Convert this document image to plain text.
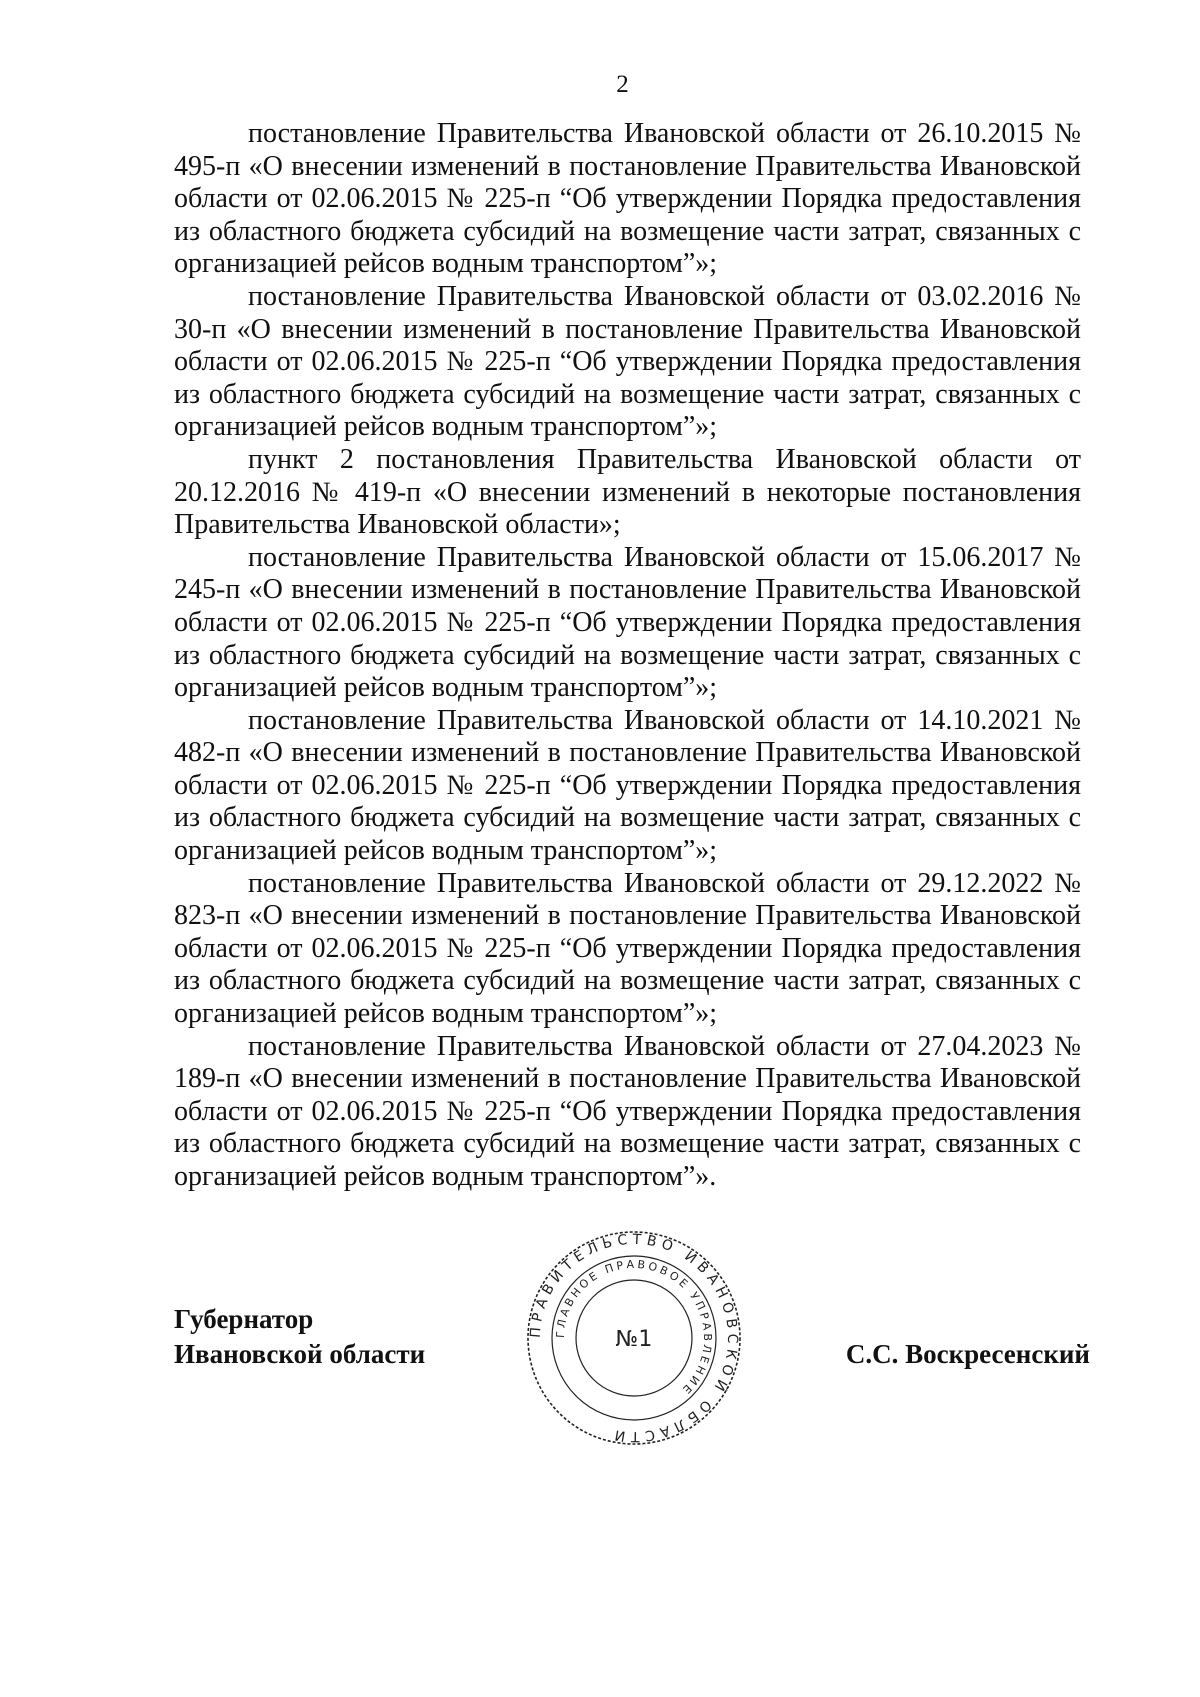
2

постановление Правительства Ивановской области от 26.10.2015 № 495-п «О внесении изменений в постановление Правительства Ивановской области от 02.06.2015 № 225-п “Об утверждении Порядка предоставления из областного бюджета субсидий на возмещение части затрат, связанных с организацией рейсов водным транспортом”»;

постановление Правительства Ивановской области от 03.02.2016 № 30-п «О внесении изменений в постановление Правительства Ивановской области от 02.06.2015 № 225-п “Об утверждении Порядка предоставления из областного бюджета субсидий на возмещение части затрат, связанных с организацией рейсов водным транспортом”»;

пункт 2 постановления Правительства Ивановской области от 20.12.2016 № 419-п «О внесении изменений в некоторые постановления Правительства Ивановской области»;

постановление Правительства Ивановской области от 15.06.2017 № 245-п «О внесении изменений в постановление Правительства Ивановской области от 02.06.2015 № 225-п “Об утверждении Порядка предоставления из областного бюджета субсидий на возмещение части затрат, связанных с организацией рейсов водным транспортом”»;

постановление Правительства Ивановской области от 14.10.2021 № 482-п «О внесении изменений в постановление Правительства Ивановской области от 02.06.2015 № 225-п “Об утверждении Порядка предоставления из областного бюджета субсидий на возмещение части затрат, связанных с организацией рейсов водным транспортом”»;

постановление Правительства Ивановской области от 29.12.2022 № 823-п «О внесении изменений в постановление Правительства Ивановской области от 02.06.2015 № 225-п “Об утверждении Порядка предоставления из областного бюджета субсидий на возмещение части затрат, связанных с организацией рейсов водным транспортом”»;

постановление Правительства Ивановской области от 27.04.2023 № 189-п «О внесении изменений в постановление Правительства Ивановской области от 02.06.2015 № 225-п “Об утверждении Порядка предоставления из областного бюджета субсидий на возмещение части затрат, связанных с организацией рейсов водным транспортом”».

Губернатор
Ивановской области
ПРАВИТЕЛЬСТВО ИВАНОВСКОЙ ОБЛАСТИ
ГЛАВНОЕ ПРАВОВОЕ УПРАВЛЕНИЕ
№1	С.С. Воскресенский
